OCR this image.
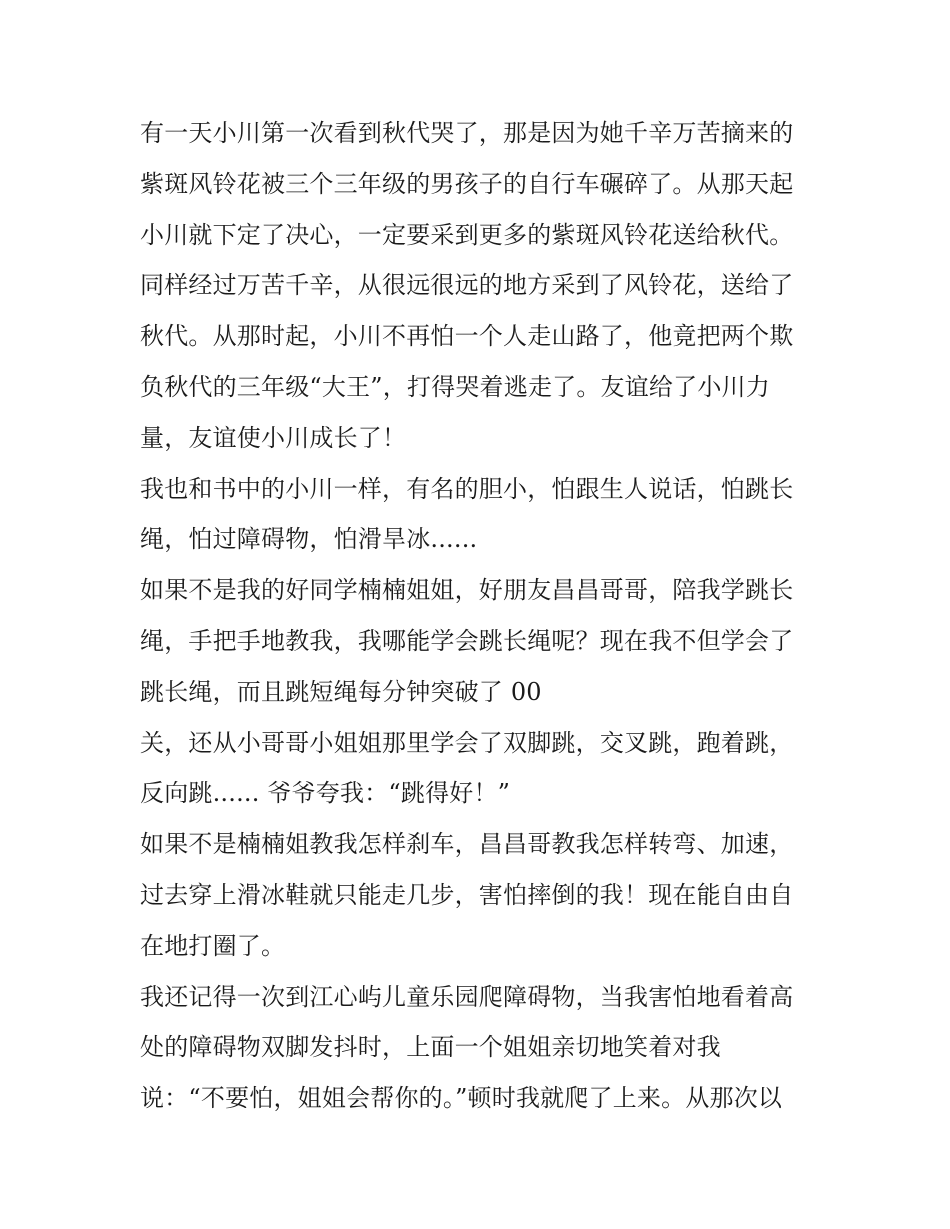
有一天小川第一次看到秋代哭了，那是因为她千辛万苦摘来的
紫斑风铃花被三个三年级的男孩子的自行车碾碎了。从那天起
小川就下定了决心，一定要采到更多的紫斑风铃花送给秋代。
同样经过万苦千辛，从很远很远的地方采到了风铃花，送给了
秋代。从那时起，小川不再怕一个人走山路了，他竟把两个欺
负秋代的三年级“大王”，打得哭着逃走了。友谊给了小川力
量，友谊使小川成长了！
我也和书中的小川一样，有名的胆小，怕跟生人说话，怕跳长
绳，怕过障碍物，怕滑旱冰......
如果不是我的好同学楠楠姐姐，好朋友昌昌哥哥，陪我学跳长
绳，手把手地教我，我哪能学会跳长绳呢？现在我不但学会了
跳长绳，而且跳短绳每分钟突破了 00
关，还从小哥哥小姐姐那里学会了双脚跳，交叉跳，跑着跳，
反向跳...... 爷爷夸我：“跳得好！”
如果不是楠楠姐教我怎样刹车，昌昌哥教我怎样转弯、加速，
过去穿上滑冰鞋就只能走几步，害怕摔倒的我！现在能自由自
在地打圈了。
我还记得一次到江心屿儿童乐园爬障碍物，当我害怕地看着高
处的障碍物双脚发抖时，上面一个姐姐亲切地笑着对我
说：“不要怕，姐姐会帮你的。”顿时我就爬了上来。从那次以
